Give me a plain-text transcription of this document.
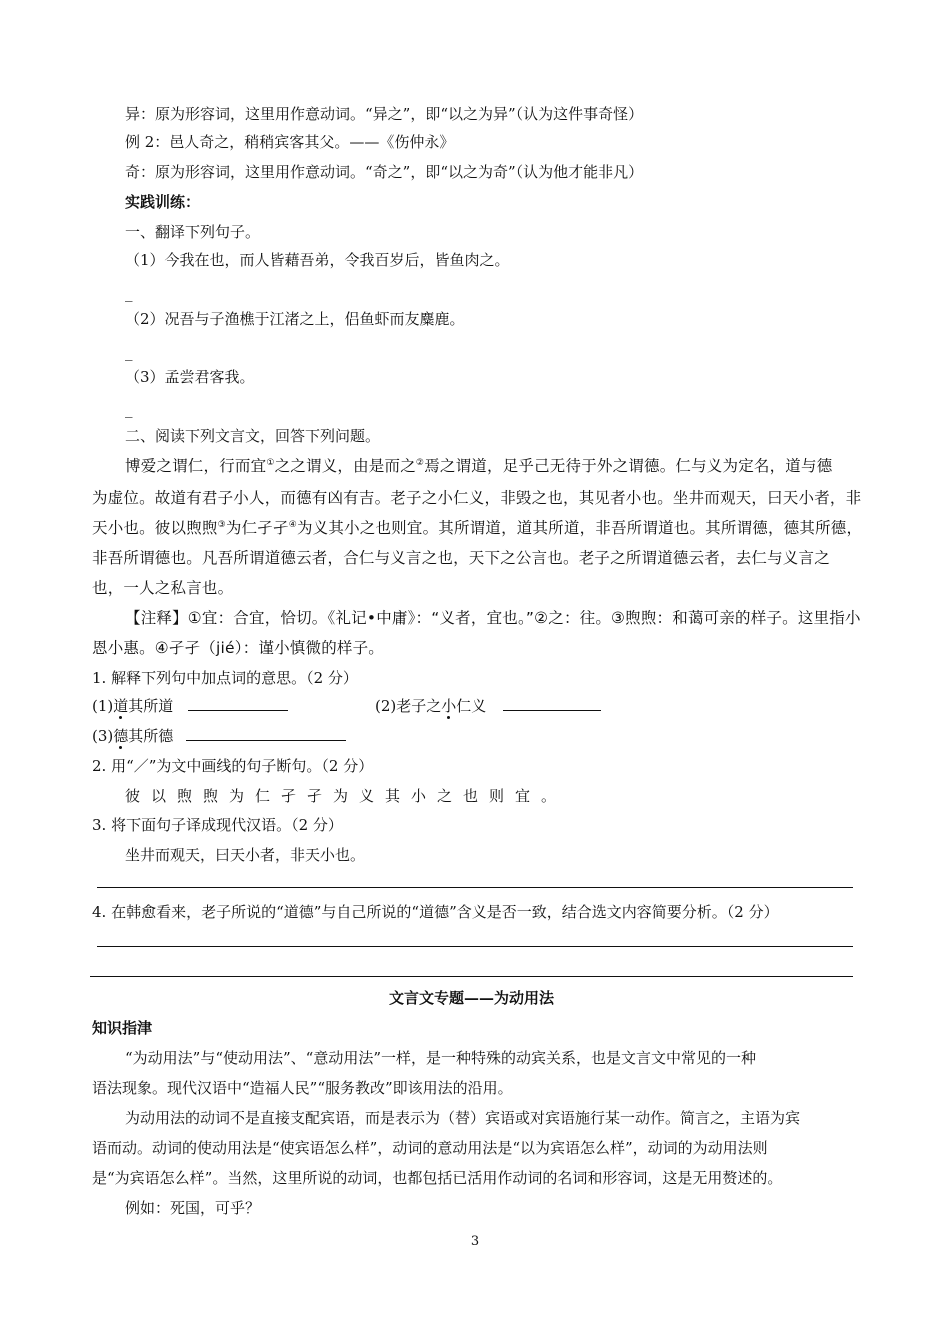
异：原为形容词，这里用作意动词。“异之”，即“以之为异”（认为这件事奇怪）
例 2：邑人奇之，稍稍宾客其父。——《伤仲永》
奇：原为形容词，这里用作意动词。“奇之”，即“以之为奇”（认为他才能非凡）
实践训练：
一、翻译下列句子。
（1）今我在也，而人皆藉吾弟，令我百岁后，皆鱼肉之。
_
（2）况吾与子渔樵于江渚之上，侣鱼虾而友麋鹿。
_
（3）孟尝君客我。
_
二、阅读下列文言文，回答下列问题。
博爱之谓仁，行而宜①之之谓义，由是而之②焉之谓道，足乎己无待于外之谓德。仁与义为定名，道与德
为虚位。故道有君子小人，而德有凶有吉。老子之小仁义，非毁之也，其见者小也。坐井而观天，曰天小者，非
天小也。彼以煦煦③为仁孑孑④为义其小之也则宜。其所谓道，道其所道，非吾所谓道也。其所谓德，德其所德，
非吾所谓德也。凡吾所谓道德云者，合仁与义言之也，天下之公言也。老子之所谓道德云者，去仁与义言之
也，一人之私言也。
【注释】①宜：合宜，恰切。《礼记•中庸》：“义者，宜也。”②之：往。③煦煦：和蔼可亲的样子。这里指小
恩小惠。④孑孑（jié）：谨小慎微的样子。
1. 解释下列句中加点词的意思。（2 分）
(1)道其所道	(2)老子之小仁义
(3)德其所德
2. 用“／”为文中画线的句子断句。（2 分）
彼以煦煦为仁孑孑为义其小之也则宜。
3. 将下面句子译成现代汉语。（2 分）
坐井而观天，曰天小者，非天小也。
4. 在韩愈看来，老子所说的“道德”与自己所说的“道德”含义是否一致，结合选文内容简要分析。（2 分）
文言文专题——为动用法
知识指津
“为动用法”与“使动用法”、“意动用法”一样，是一种特殊的动宾关系，也是文言文中常见的一种
语法现象。现代汉语中“造福人民”“服务教改”即该用法的沿用。
为动用法的动词不是直接支配宾语，而是表示为（替）宾语或对宾语施行某一动作。简言之，主语为宾
语而动。动词的使动用法是“使宾语怎么样”，动词的意动用法是“以为宾语怎么样”，动词的为动用法则
是“为宾语怎么样”。当然，这里所说的动词，也都包括已活用作动词的名词和形容词，这是无用赘述的。
例如：死国，可乎？
3
